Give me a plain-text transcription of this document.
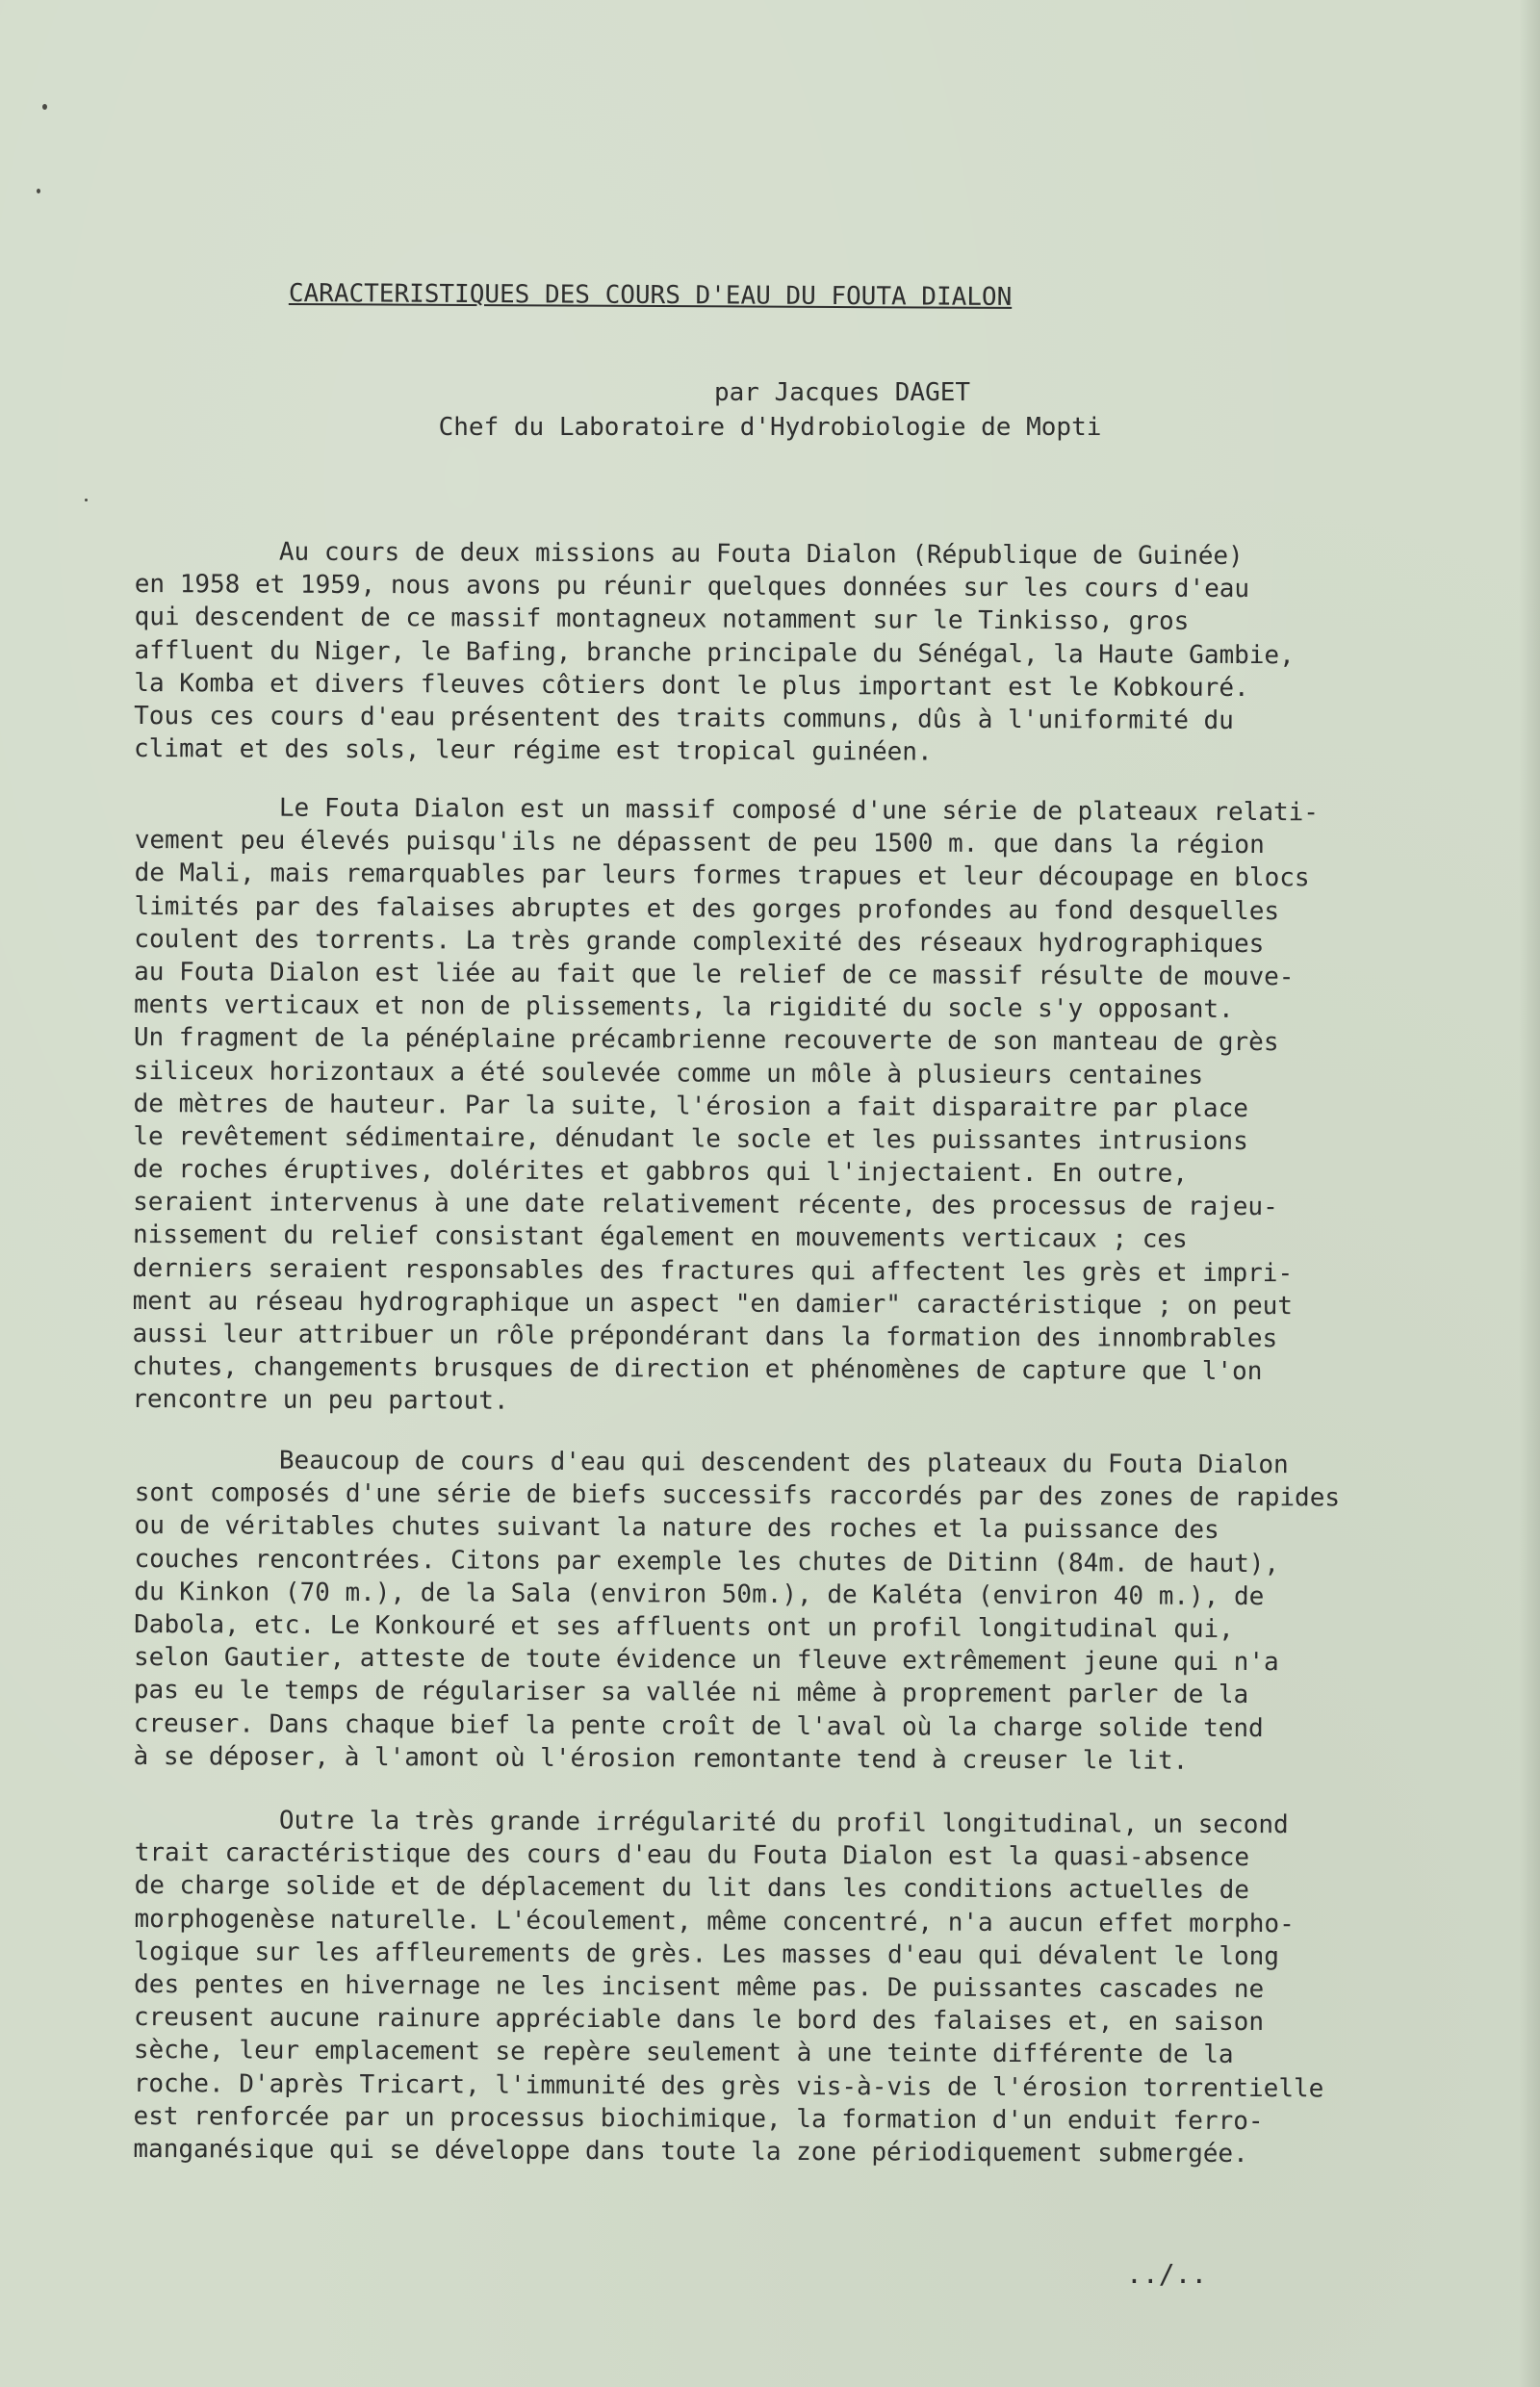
CARACTERISTIQUES DES COURS D'EAU DU FOUTA DIALON
par Jacques DAGET
Chef du Laboratoire d'Hydrobiologie de Mopti
Au cours de deux missions au Fouta Dialon (République de Guinée)
en 1958 et 1959, nous avons pu réunir quelques données sur les cours d'eau
qui descendent de ce massif montagneux notamment sur le Tinkisso, gros
affluent du Niger, le Bafing, branche principale du Sénégal, la Haute Gambie,
la Komba et divers fleuves côtiers dont le plus important est le Kobkouré.
Tous ces cours d'eau présentent des traits communs, dûs à l'uniformité du
climat et des sols, leur régime est tropical guinéen.
Le Fouta Dialon est un massif composé d'une série de plateaux relati-
vement peu élevés puisqu'ils ne dépassent de peu 1500 m. que dans la région
de Mali, mais remarquables par leurs formes trapues et leur découpage en blocs
limités par des falaises abruptes et des gorges profondes au fond desquelles
coulent des torrents. La très grande complexité des réseaux hydrographiques
au Fouta Dialon est liée au fait que le relief de ce massif résulte de mouve-
ments verticaux et non de plissements, la rigidité du socle s'y opposant.
Un fragment de la pénéplaine précambrienne recouverte de son manteau de grès
siliceux horizontaux a été soulevée comme un môle à plusieurs centaines
de mètres de hauteur. Par la suite, l'érosion a fait disparaitre par place
le revêtement sédimentaire, dénudant le socle et les puissantes intrusions
de roches éruptives, dolérites et gabbros qui l'injectaient. En outre,
seraient intervenus à une date relativement récente, des processus de rajeu-
nissement du relief consistant également en mouvements verticaux ; ces
derniers seraient responsables des fractures qui affectent les grès et impri-
ment au réseau hydrographique un aspect "en damier" caractéristique ; on peut
aussi leur attribuer un rôle prépondérant dans la formation des innombrables
chutes, changements brusques de direction et phénomènes de capture que l'on
rencontre un peu partout.
Beaucoup de cours d'eau qui descendent des plateaux du Fouta Dialon
sont composés d'une série de biefs successifs raccordés par des zones de rapides
ou de véritables chutes suivant la nature des roches et la puissance des
couches rencontrées. Citons par exemple les chutes de Ditinn (84m. de haut),
du Kinkon (70 m.), de la Sala (environ 50m.), de Kaléta (environ 40 m.), de
Dabola, etc. Le Konkouré et ses affluents ont un profil longitudinal qui,
selon Gautier, atteste de toute évidence un fleuve extrêmement jeune qui n'a
pas eu le temps de régulariser sa vallée ni même à proprement parler de la
creuser. Dans chaque bief la pente croît de l'aval où la charge solide tend
à se déposer, à l'amont où l'érosion remontante tend à creuser le lit.
Outre la très grande irrégularité du profil longitudinal, un second
trait caractéristique des cours d'eau du Fouta Dialon est la quasi-absence
de charge solide et de déplacement du lit dans les conditions actuelles de
morphogenèse naturelle. L'écoulement, même concentré, n'a aucun effet morpho-
logique sur les affleurements de grès. Les masses d'eau qui dévalent le long
des pentes en hivernage ne les incisent même pas. De puissantes cascades ne
creusent aucune rainure appréciable dans le bord des falaises et, en saison
sèche, leur emplacement se repère seulement à une teinte différente de la
roche. D'après Tricart, l'immunité des grès vis-à-vis de l'érosion torrentielle
est renforcée par un processus biochimique, la formation d'un enduit ferro-
manganésique qui se développe dans toute la zone périodiquement submergée.
../..
